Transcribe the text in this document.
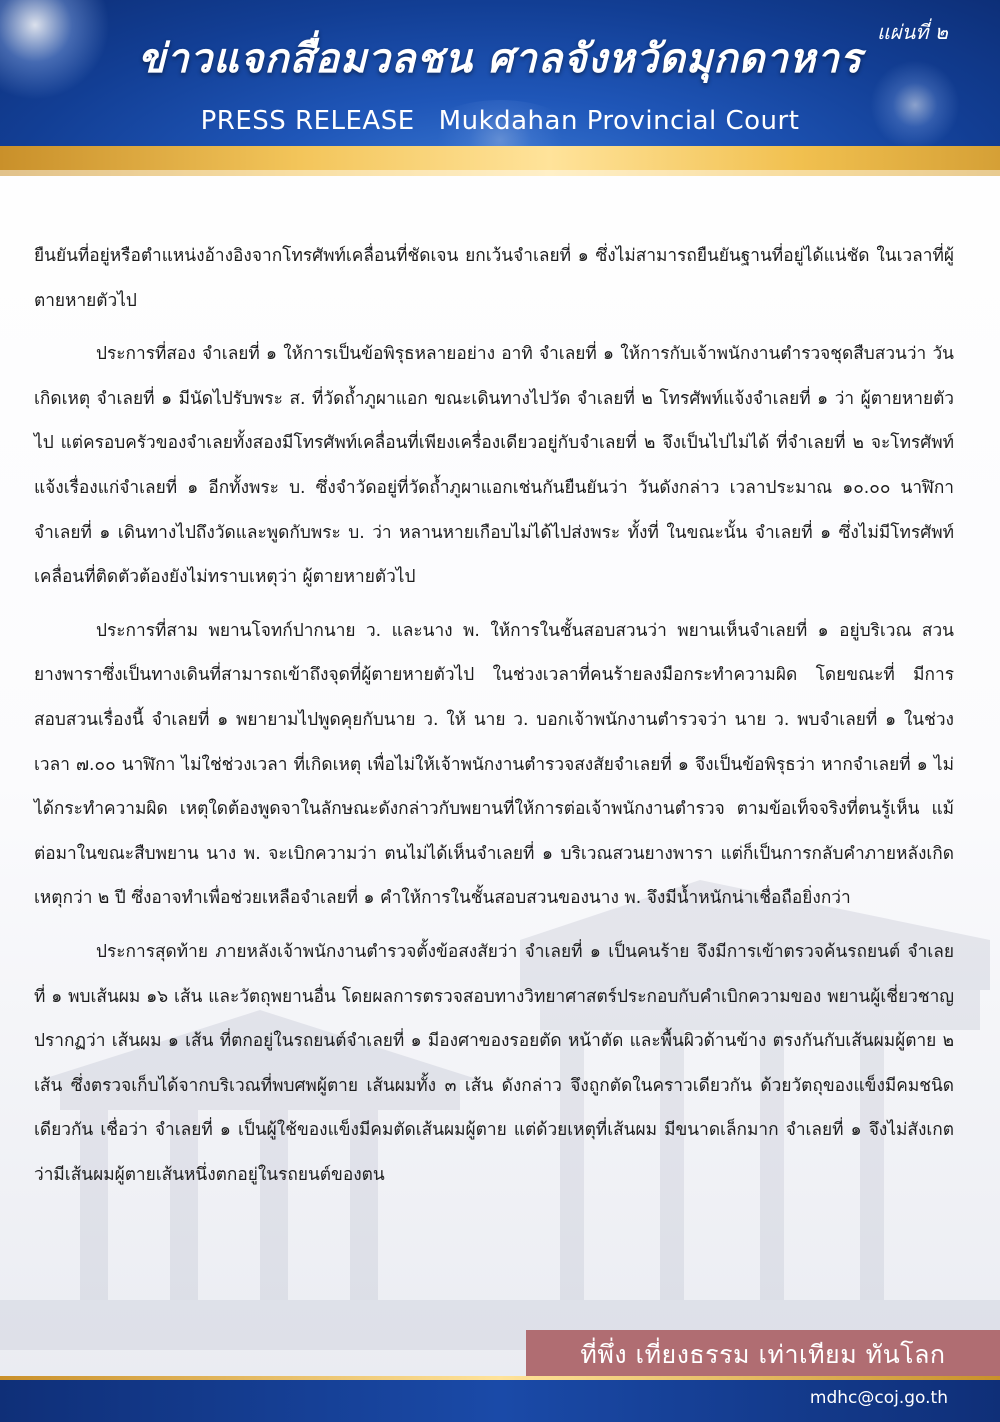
ข่าวแจกสื่อมวลชน ศาลจังหวัดมุกดาหาร
PRESS RELEASE Mukdahan Provincial Court
แผ่นที่ ๒

ยืนยันที่อยู่หรือตำแหน่งอ้างอิงจากโทรศัพท์เคลื่อนที่ชัดเจน ยกเว้นจำเลยที่ ๑ ซึ่งไม่สามารถยืนยันฐานที่อยู่ได้แน่ชัด ในเวลาที่ผู้ตายหายตัวไป

ประการที่สอง จำเลยที่ ๑ ให้การเป็นข้อพิรุธหลายอย่าง อาทิ จำเลยที่ ๑ ให้การกับเจ้าพนักงานตำรวจชุดสืบสวนว่า วันเกิดเหตุ จำเลยที่ ๑ มีนัดไปรับพระ ส. ที่วัดถ้ำภูผาแอก ขณะเดินทางไปวัด จำเลยที่ ๒ โทรศัพท์แจ้งจำเลยที่ ๑ ว่า ผู้ตายหายตัวไป แต่ครอบครัวของจำเลยทั้งสองมีโทรศัพท์เคลื่อนที่เพียงเครื่องเดียวอยู่กับจำเลยที่ ๒ จึงเป็นไปไม่ได้ ที่จำเลยที่ ๒ จะโทรศัพท์แจ้งเรื่องแก่จำเลยที่ ๑ อีกทั้งพระ บ. ซึ่งจำวัดอยู่ที่วัดถ้ำภูผาแอกเช่นกันยืนยันว่า วันดังกล่าว เวลาประมาณ ๑๐.๐๐ นาฬิกา จำเลยที่ ๑ เดินทางไปถึงวัดและพูดกับพระ บ. ว่า หลานหายเกือบไม่ได้ไปส่งพระ ทั้งที่ ในขณะนั้น จำเลยที่ ๑ ซึ่งไม่มีโทรศัพท์เคลื่อนที่ติดตัวต้องยังไม่ทราบเหตุว่า ผู้ตายหายตัวไป

ประการที่สาม พยานโจทก์ปากนาย ว. และนาง พ. ให้การในชั้นสอบสวนว่า พยานเห็นจำเลยที่ ๑ อยู่บริเวณ สวนยางพาราซึ่งเป็นทางเดินที่สามารถเข้าถึงจุดที่ผู้ตายหายตัวไป ในช่วงเวลาที่คนร้ายลงมือกระทำความผิด โดยขณะที่ มีการสอบสวนเรื่องนี้ จำเลยที่ ๑ พยายามไปพูดคุยกับนาย ว. ให้ นาย ว. บอกเจ้าพนักงานตำรวจว่า นาย ว. พบจำเลยที่ ๑ ในช่วงเวลา ๗.๐๐ นาฬิกา ไม่ใช่ช่วงเวลา ที่เกิดเหตุ เพื่อไม่ให้เจ้าพนักงานตำรวจสงสัยจำเลยที่ ๑ จึงเป็นข้อพิรุธว่า หากจำเลยที่ ๑ ไม่ได้กระทำความผิด เหตุใดต้องพูดจาในลักษณะดังกล่าวกับพยานที่ให้การต่อเจ้าพนักงานตำรวจ ตามข้อเท็จจริงที่ตนรู้เห็น แม้ต่อมาในขณะสืบพยาน นาง พ. จะเบิกความว่า ตนไม่ได้เห็นจำเลยที่ ๑ บริเวณสวนยางพารา แต่ก็เป็นการกลับคำภายหลังเกิดเหตุกว่า ๒ ปี ซึ่งอาจทำเพื่อช่วยเหลือจำเลยที่ ๑ คำให้การในชั้นสอบสวนของนาง พ. จึงมีน้ำหนักน่าเชื่อถือยิ่งกว่า

ประการสุดท้าย ภายหลังเจ้าพนักงานตำรวจตั้งข้อสงสัยว่า จำเลยที่ ๑ เป็นคนร้าย จึงมีการเข้าตรวจค้นรถยนต์ จำเลยที่ ๑ พบเส้นผม ๑๖ เส้น และวัตถุพยานอื่น โดยผลการตรวจสอบทางวิทยาศาสตร์ประกอบกับคำเบิกความของ พยานผู้เชี่ยวชาญปรากฏว่า เส้นผม ๑ เส้น ที่ตกอยู่ในรถยนต์จำเลยที่ ๑ มีองศาของรอยตัด หน้าตัด และพื้นผิวด้านข้าง ตรงกันกับเส้นผมผู้ตาย ๒ เส้น ซึ่งตรวจเก็บได้จากบริเวณที่พบศพผู้ตาย เส้นผมทั้ง ๓ เส้น ดังกล่าว จึงถูกตัดในคราวเดียวกัน ด้วยวัตถุของแข็งมีคมชนิดเดียวกัน เชื่อว่า จำเลยที่ ๑ เป็นผู้ใช้ของแข็งมีคมตัดเส้นผมผู้ตาย แต่ด้วยเหตุที่เส้นผม มีขนาดเล็กมาก จำเลยที่ ๑ จึงไม่สังเกตว่ามีเส้นผมผู้ตายเส้นหนึ่งตกอยู่ในรถยนต์ของตน

ที่พึ่ง เที่ยงธรรม เท่าเทียม ทันโลก
mdhc@coj.go.th
